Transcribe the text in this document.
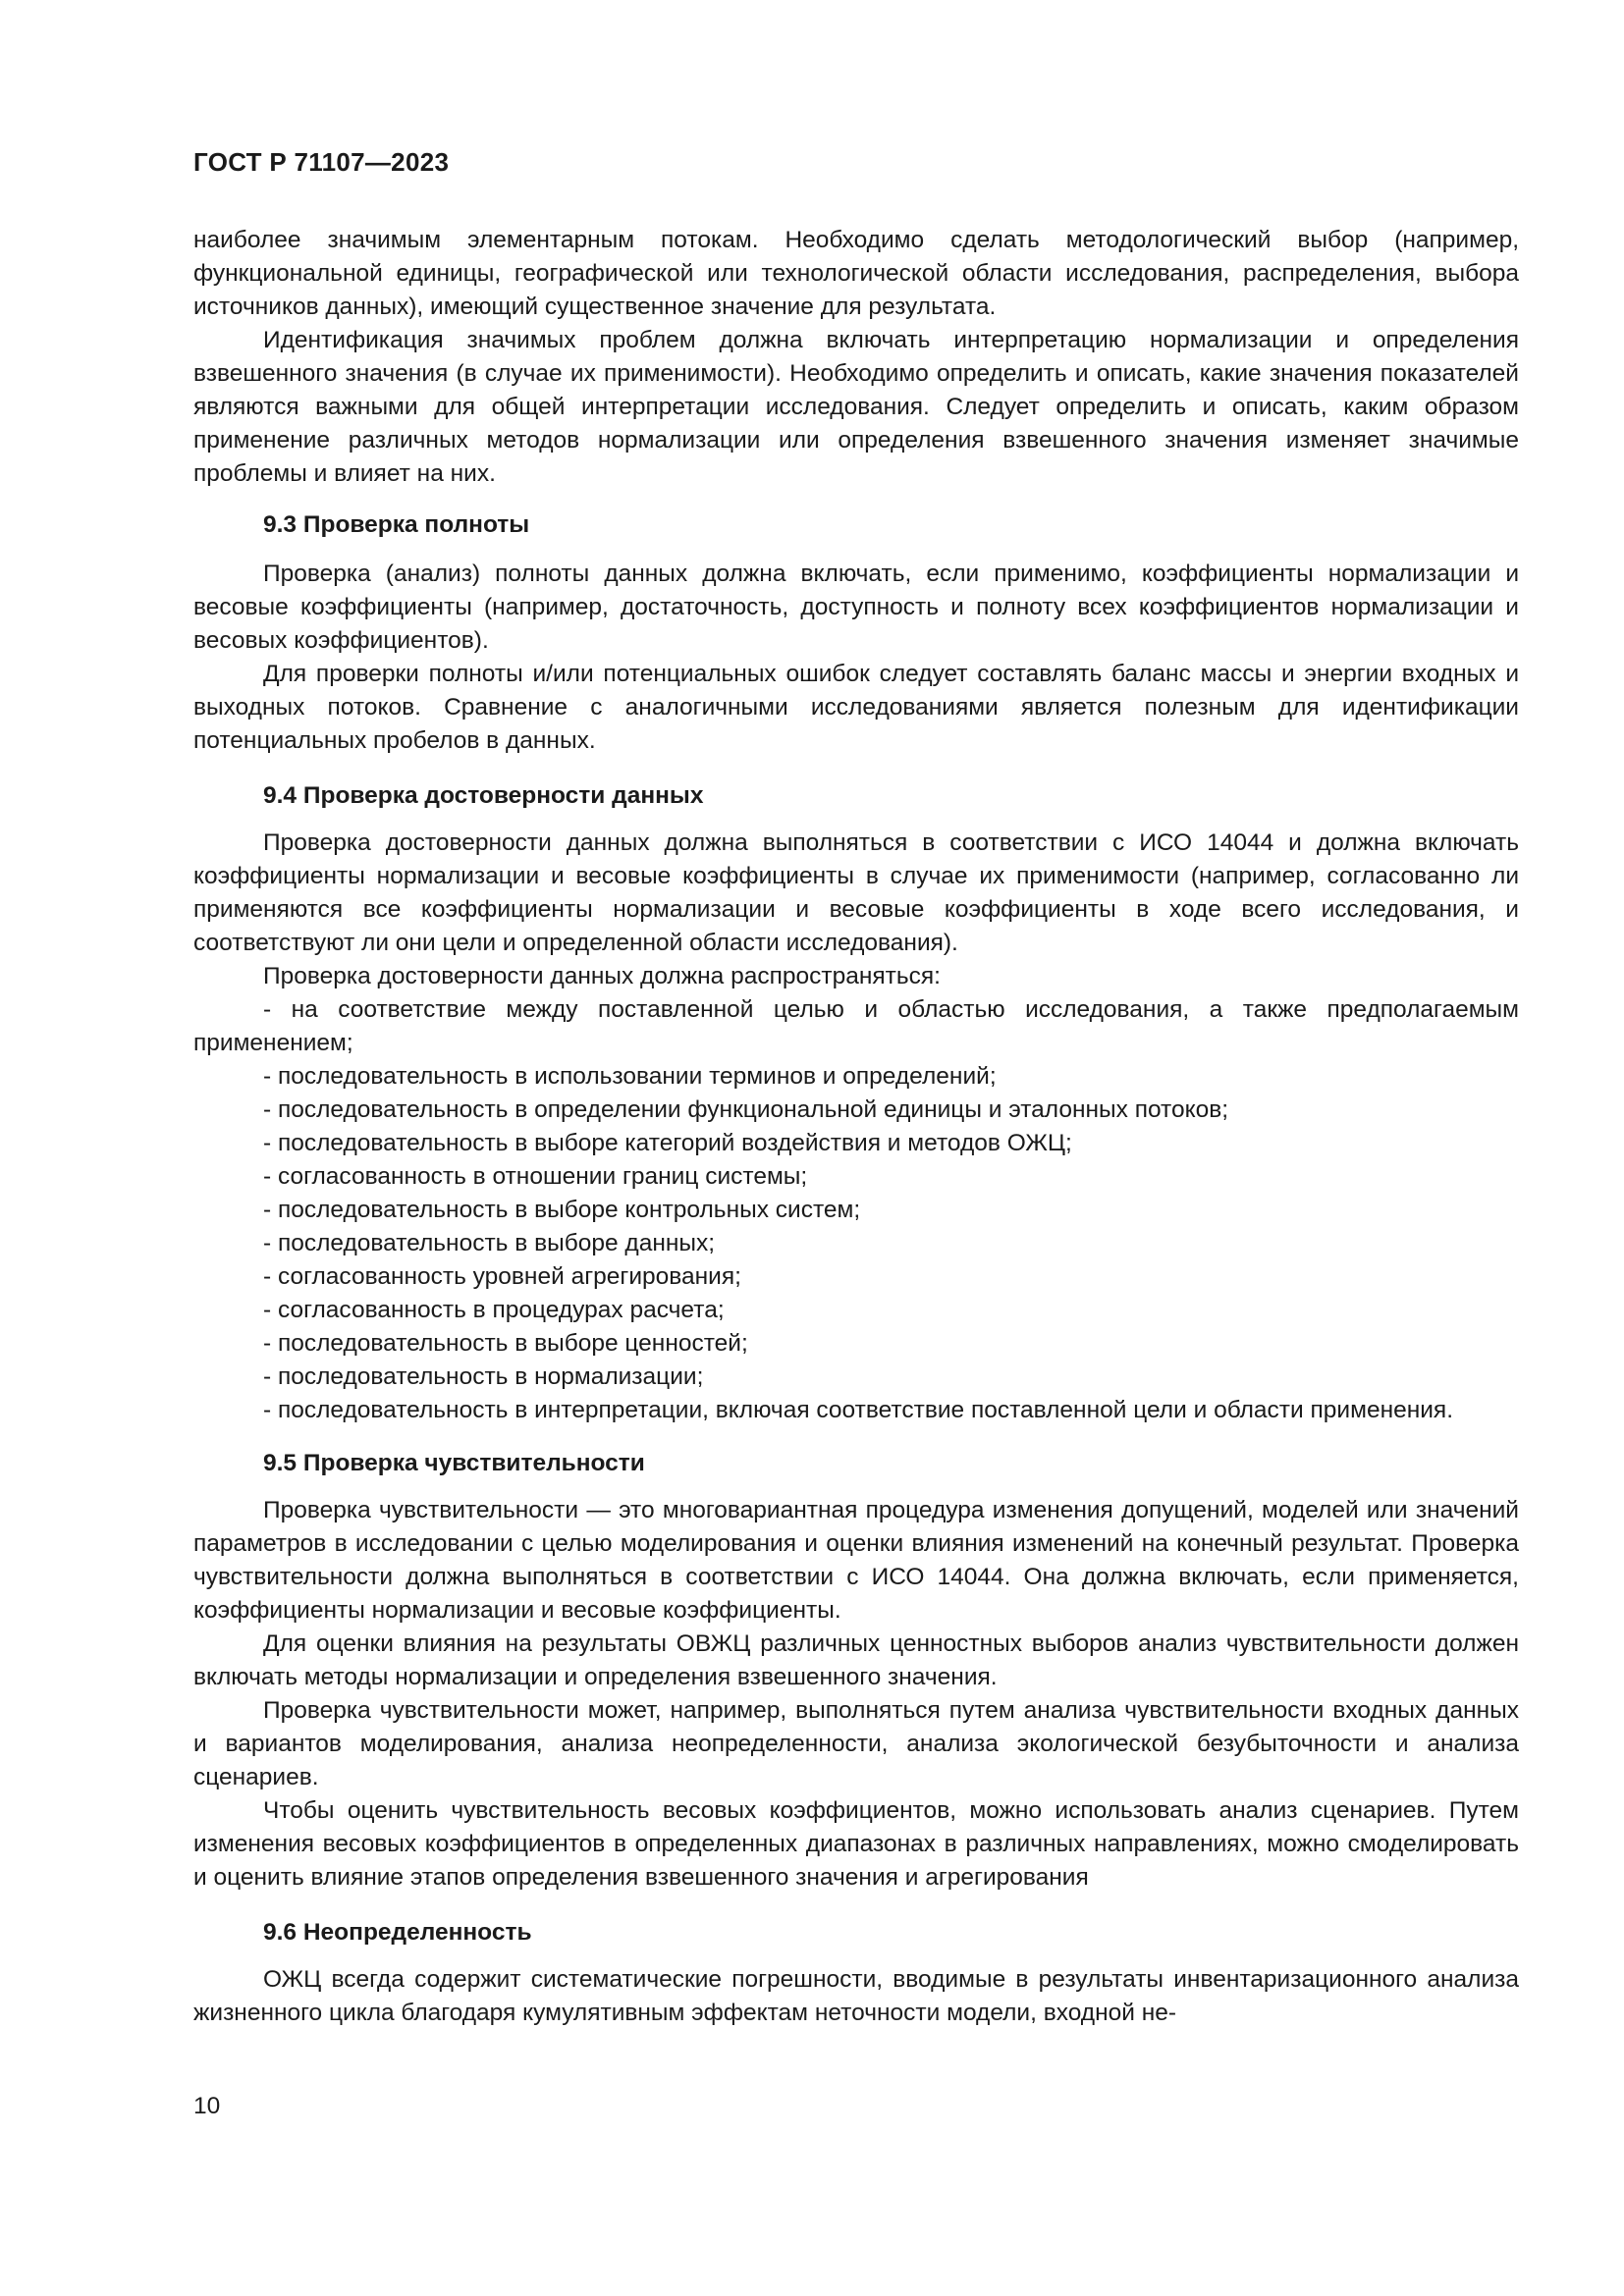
ГОСТ Р 71107—2023

наиболее значимым элементарным потокам. Необходимо сделать методологический выбор (например, функциональной единицы, географической или технологической области исследования, распределения, выбора источников данных), имеющий существенное значение для результата.

Идентификация значимых проблем должна включать интерпретацию нормализации и определения взвешенного значения (в случае их применимости). Необходимо определить и описать, какие значения показателей являются важными для общей интерпретации исследования. Следует определить и описать, каким образом применение различных методов нормализации или определения взвешенного значения изменяет значимые проблемы и влияет на них.

9.3 Проверка полноты

Проверка (анализ) полноты данных должна включать, если применимо, коэффициенты нормализации и весовые коэффициенты (например, достаточность, доступность и полноту всех коэффициентов нормализации и весовых коэффициентов).

Для проверки полноты и/или потенциальных ошибок следует составлять баланс массы и энергии входных и выходных потоков. Сравнение с аналогичными исследованиями является полезным для идентификации потенциальных пробелов в данных.

9.4 Проверка достоверности данных

Проверка достоверности данных должна выполняться в соответствии с ИСО 14044 и должна включать коэффициенты нормализации и весовые коэффициенты в случае их применимости (например, согласованно ли применяются все коэффициенты нормализации и весовые коэффициенты в ходе всего исследования, и соответствуют ли они цели и определенной области исследования).

Проверка достоверности данных должна распространяться:

- на соответствие между поставленной целью и областью исследования, а также предполагаемым применением;

- последовательность в использовании терминов и определений;

- последовательность в определении функциональной единицы и эталонных потоков;

- последовательность в выборе категорий воздействия и методов ОЖЦ;

- согласованность в отношении границ системы;

- последовательность в выборе контрольных систем;

- последовательность в выборе данных;

- согласованность уровней агрегирования;

- согласованность в процедурах расчета;

- последовательность в выборе ценностей;

- последовательность в нормализации;

- последовательность в интерпретации, включая соответствие поставленной цели и области применения.

9.5 Проверка чувствительности

Проверка чувствительности — это многовариантная процедура изменения допущений, моделей или значений параметров в исследовании с целью моделирования и оценки влияния изменений на конечный результат. Проверка чувствительности должна выполняться в соответствии с ИСО 14044. Она должна включать, если применяется, коэффициенты нормализации и весовые коэффициенты.

Для оценки влияния на результаты ОВЖЦ различных ценностных выборов анализ чувствительности должен включать методы нормализации и определения взвешенного значения.

Проверка чувствительности может, например, выполняться путем анализа чувствительности входных данных и вариантов моделирования, анализа неопределенности, анализа экологической безубыточности и анализа сценариев.

Чтобы оценить чувствительность весовых коэффициентов, можно использовать анализ сценариев. Путем изменения весовых коэффициентов в определенных диапазонах в различных направлениях, можно смоделировать и оценить влияние этапов определения взвешенного значения и агрегирования

9.6 Неопределенность

ОЖЦ всегда содержит систематические погрешности, вводимые в результаты инвентаризационного анализа жизненного цикла благодаря кумулятивным эффектам неточности модели, входной не-

10
